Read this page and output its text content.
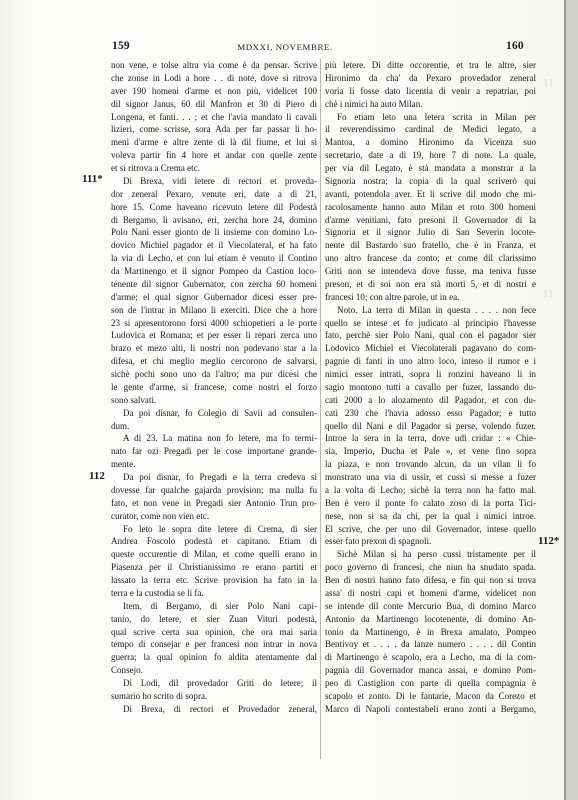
11
11
159	MDXXI, NOVEMBRE.	160
111*
112
112*
non vene, e tolse altra via come è da pensar. Scrive
che zonse in Lodi a hore . . di note, dove si ritrova
aver 190 homeni d'arme et non più, videlicet 100
dil signor Janus, 60 dil Manfron et 30 di Piero di
Longena, et fanti. . . ; et che l'avia mandato li cavali
lizieri, come scrisse, sora Ada per far passar li ho-
meni d'arme e altre zente di là dil fiume, et lui si
voleva partir fin 4 hore et andar con quelle zente
et si ritrova a Crema etc.
Di Brexa, vidi letere di rectori et proveda-
dor zeneral Pexaro, venute eri, date a dì 21,
hore 15. Come haveano ricevuto letere dil Podestà
di Bergamo, li avisano, eri, zercha hore 24, domino
Polo Nani esser gionto de li insieme con domino Lo-
dovico Michiel pagador et il Viecolateral, et ha fato
la via di Lecho, et con lui etiam è venuto il Contino
da Martinengo et il signor Pompeo da Castion loco-
tenente dil signor Gubernator, con zercha 60 homeni
d'arme; el qual signor Gubernador dicesi esser pre-
son de l'intrar in Milano li exerciti. Dice che a hore
23 si apresentorono forsi 4000 schiopetieri a le porte
Ludovica et Romana; et per esser li repari zerca uno
brazo et mezo alti, li nostri non podevano star a la
difesa, et chi meglio meglio cercorono de salvarsi,
sichè pochi sono uno da l'altro; ma pur dicesi che
le gente d'arme, sì francese, come nostri el forzo
sono salvati.
Da poi disnar, fo Colegio di Savii ad consulen-
dum.
A dì 23. La matina non fo letere, ma fo termi-
nato far ozi Pregadi per le cose importane grande-
mente.
Da poi disnar, fo Pregadi e la terra credeva si
dovesse far qualche gajarda provision; ma nulla fu
fato, et non vene in Pregadi sier Antonio Trun pro-
curator, come non vien etc.
Fo leto le sopra dite letere di Crema, di sier
Andrea Foscolo podestà et capitano. Etiam di
queste occurentie di Milan, et come quelli erano in
Piasenza per il Christianissimo re erano partiti et
lassato la terra etc. Scrive provision ha fato in la
terra e la custodia se li fa.
Item, di Bergamo, di sier Polo Nani capi-
tanio, do letere, et sier Zuan Vituri podestà,
qual scrive certa sua opinion, che ora mai saria
tempo di consejar e per francesi non intrar in nova
guerra; la qual opinion fo aldita atentamente dal
Consejo.
Di Lodi, dil provedador Griti do letere; il
sumario ho scrito di sopra.
Di Brexa, di rectori et Provedador zeneral,
più letere. Di ditte occorentie, et tra le altre, sier
Hironimo da cha' da Pexaro provedador zeneral
voria li fosse dato licentia di venir a repatriar, poi
chè i nimici ha auto Milan.
Fo etiam leto una letera scrita in Milan per
il reverendissimo cardinal de Medici legato, a
Mantoa, a domino Hironimo da Vicenza suo
secretario, date a dì 19, hore 7 di note. La quale,
per via dil Legato, è stà mandata a monstrar a la
Signoria nostra; la copia di la qual scriverò qui
avanti, potendola aver. Et li scrive dil modo che mi-
racolosamente hanno auto Milan et roto 300 homeni
d'arme venitiani, fato presoni il Governador di la
Signoria et il signor Julio di San Severin locote-
nente dil Bastardo suo fratello, che è in Franza, et
uno altro francese da conto; et come dil clarissimo
Griti non se intendeva dove fusse, ma teniva fusse
preson, et di soi non era stà morti 5, et di nostri e
francesi 10; con altre parole, ut in ea.
Noto. La terra di Milan in questa . . . . non fece
quello se intese et fo judicato al principio l'havesse
fato, perchè sier Polo Nani, qual con el pagador sier
Lodovico Michiel et Viecolaterali pagavano do com-
pagnie di fanti in uno altro loco, inteso il rumor e i
nimici esser intrati, sopra li ronzini haveano li in
sagio montono tutti a cavallo per fuzer, lassando du-
cati 2000 a lo alozamento dil Pagador, et con du-
cati 230 che l'havia adosso esso Pagador; e tutto
quello dil Nani e dil Pagador si perse, volendo fuzer.
Introe la sera in la terra, dove udì cridar : « Chie-
sia, Imperio, Ducha et Pale », et vene fino sopra
la piaza, e non trovando alcun, da un vilan li fo
monstrato una via di ussir, et cussì si messe a fuzer
a la volta di Lecho; sichè la terra non ha fatto mal.
Ben è vero il ponte fo calato zoso di la porta Tici-
nese, non si sa da chi, per la qual i nimici introe.
El scrive, che per uno dil Governador, intese quello
esser fato prexon di spagnoli.
Sichè Milan si ha perso cussì tristamente per il
poco governo di francesi, che niun ha snudato spada.
Ben di nostri hanno fato difesa, e fin qui non si trova
assa' di nostri capi et homeni d'arme, videlicet non
se intende dil conte Mercurio Bua, di domino Marco
Antonio da Martinengo locotenente, di domino An-
tonio da Martinengo, è in Brexa amalato, Pompeo
Bentivoy et . . . . da lanze numero . . . . dil Contin
di Martinengo è scapolo, era a Lecho, ma di la com-
pagnia dil Governador manca assai, e domino Pom-
peo di Castiglion con parte di quella compagnia è
scapolo et zonto. Di le fantarie, Macon da Corezo et
Marco di Napoli contestabeli erano zonti a Bergamo,
